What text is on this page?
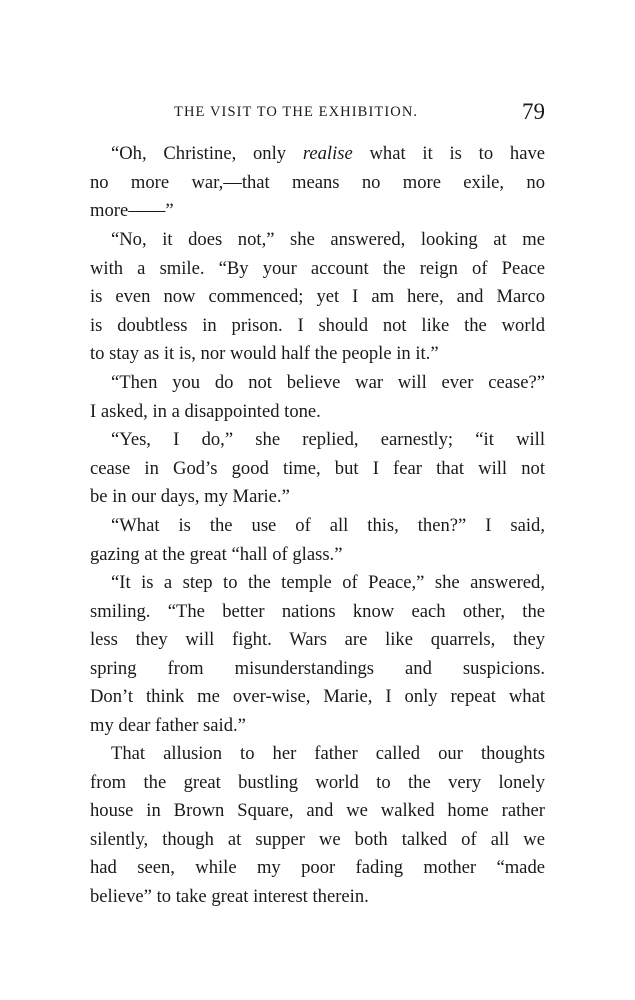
THE VISIT TO THE EXHIBITION.	79
“Oh, Christine, only realise what it is to have
no more war,—that means no more exile, no
more——”
“No, it does not,” she answered, looking at me
with a smile. “By your account the reign of Peace
is even now commenced; yet I am here, and Marco
is doubtless in prison. I should not like the world
to stay as it is, nor would half the people in it.”
“Then you do not believe war will ever cease?”
I asked, in a disappointed tone.
“Yes, I do,” she replied, earnestly; “it will
cease in God’s good time, but I fear that will not
be in our days, my Marie.”
“What is the use of all this, then?” I said,
gazing at the great “hall of glass.”
“It is a step to the temple of Peace,” she answered,
smiling. “The better nations know each other, the
less they will fight. Wars are like quarrels, they
spring from misunderstandings and suspicions.
Don’t think me over-wise, Marie, I only repeat what
my dear father said.”
That allusion to her father called our thoughts
from the great bustling world to the very lonely
house in Brown Square, and we walked home rather
silently, though at supper we both talked of all we
had seen, while my poor fading mother “made
believe” to take great interest therein.
